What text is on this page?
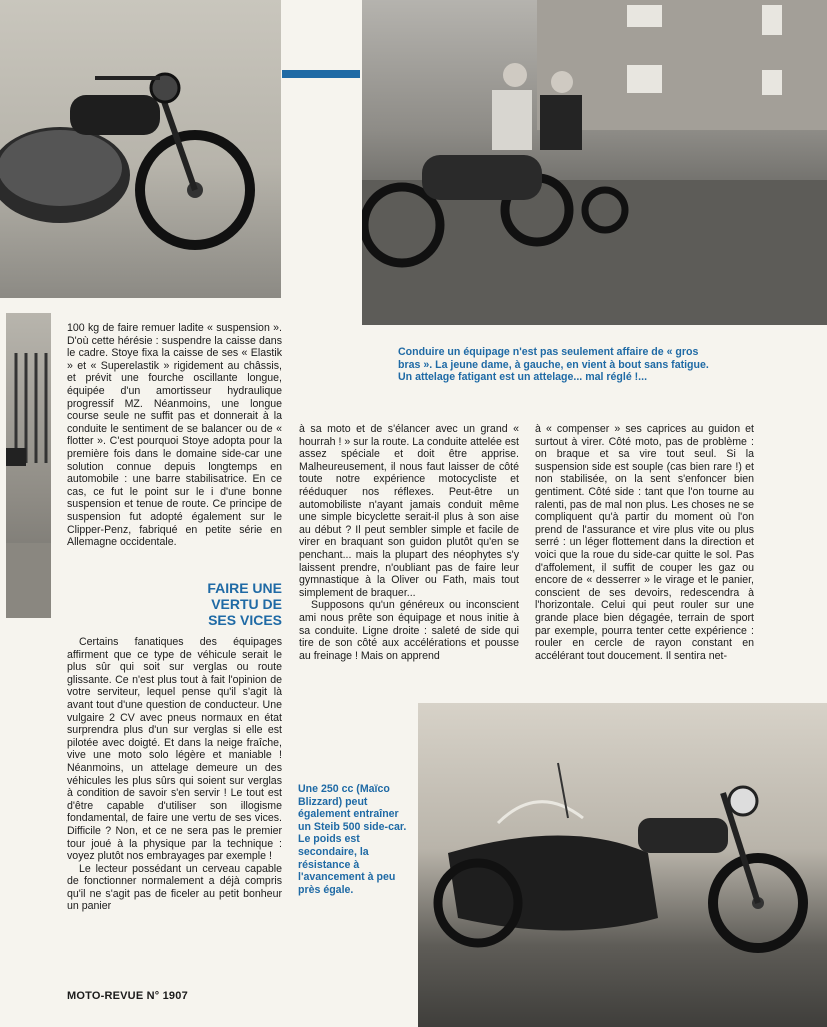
Conduire un équipage n'est pas seulement affaire de « gros bras ». La jeune dame, à gauche, en vient à bout sans fatigue. Un attelage fatigant est un attelage... mal réglé !...

100 kg de faire remuer ladite « suspension ». D'où cette hérésie : suspendre la caisse dans le cadre. Stoye fixa la caisse de ses « Elastik » et « Superelastik » rigidement au châssis, et prévit une fourche oscillante longue, équipée d'un amortisseur hydraulique progressif MZ. Néanmoins, une longue course seule ne suffit pas et donnerait à la conduite le sentiment de se balancer ou de « flotter ». C'est pourquoi Stoye adopta pour la première fois dans le domaine side-car une solution connue depuis longtemps en automobile : une barre stabilisatrice. En ce cas, ce fut le point sur le i d'une bonne suspension et tenue de route. Ce principe de suspension fut adopté également sur le Clipper-Penz, fabriqué en petite série en Allemagne occidentale.

FAIRE UNE VERTU DE SES VICES

Certains fanatiques des équipages affirment que ce type de véhicule serait le plus sûr qui soit sur verglas ou route glissante. Ce n'est plus tout à fait l'opinion de votre serviteur, lequel pense qu'il s'agit là avant tout d'une question de conducteur. Une vulgaire 2 CV avec pneus normaux en état surprendra plus d'un sur verglas si elle est pilotée avec doigté. Et dans la neige fraîche, vive une moto solo légère et maniable ! Néanmoins, un attelage demeure un des véhicules les plus sûrs qui soient sur verglas à condition de savoir s'en servir ! Le tout est d'être capable d'utiliser son illogisme fondamental, de faire une vertu de ses vices. Difficile ? Non, et ce ne sera pas le premier tour joué à la physique par la technique : voyez plutôt nos embrayages par exemple !

Le lecteur possédant un cerveau capable de fonctionner normalement a déjà compris qu'il ne s'agit pas de ficeler au petit bonheur un panier

à sa moto et de s'élancer avec un grand « hourrah ! » sur la route. La conduite attelée est assez spéciale et doit être apprise. Malheureusement, il nous faut laisser de côté toute notre expérience motocycliste et rééduquer nos réflexes. Peut-être un automobiliste n'ayant jamais conduit même une simple bicyclette serait-il plus à son aise au début ? Il peut sembler simple et facile de virer en braquant son guidon plutôt qu'en se penchant... mais la plupart des néophytes s'y laissent prendre, n'oubliant pas de faire leur gymnastique à la Oliver ou Fath, mais tout simplement de braquer...

Supposons qu'un généreux ou inconscient ami nous prête son équipage et nous initie à sa conduite. Ligne droite : saleté de side qui tire de son côté aux accélérations et pousse au freinage ! Mais on apprend

à « compenser » ses caprices au guidon et surtout à virer. Côté moto, pas de problème : on braque et sa vire tout seul. Si la suspension side est souple (cas bien rare !) et non stabilisée, on la sent s'enfoncer bien gentiment. Côté side : tant que l'on tourne au ralenti, pas de mal non plus. Les choses ne se compliquent qu'à partir du moment où l'on prend de l'assurance et vire plus vite ou plus serré : un léger flottement dans la direction et voici que la roue du side-car quitte le sol. Pas d'affolement, il suffit de couper les gaz ou encore de « desserrer » le virage et le panier, conscient de ses devoirs, redescendra à l'horizontale. Celui qui peut rouler sur une grande place bien dégagée, terrain de sport par exemple, pourra tenter cette expérience : rouler en cercle de rayon constant en accélérant tout doucement. Il sentira net-

Une 250 cc (Maïco Blizzard) peut également entraîner un Steib 500 side-car. Le poids est secondaire, la résistance à l'avancement à peu près égale.
MOTO-REVUE N° 1907
